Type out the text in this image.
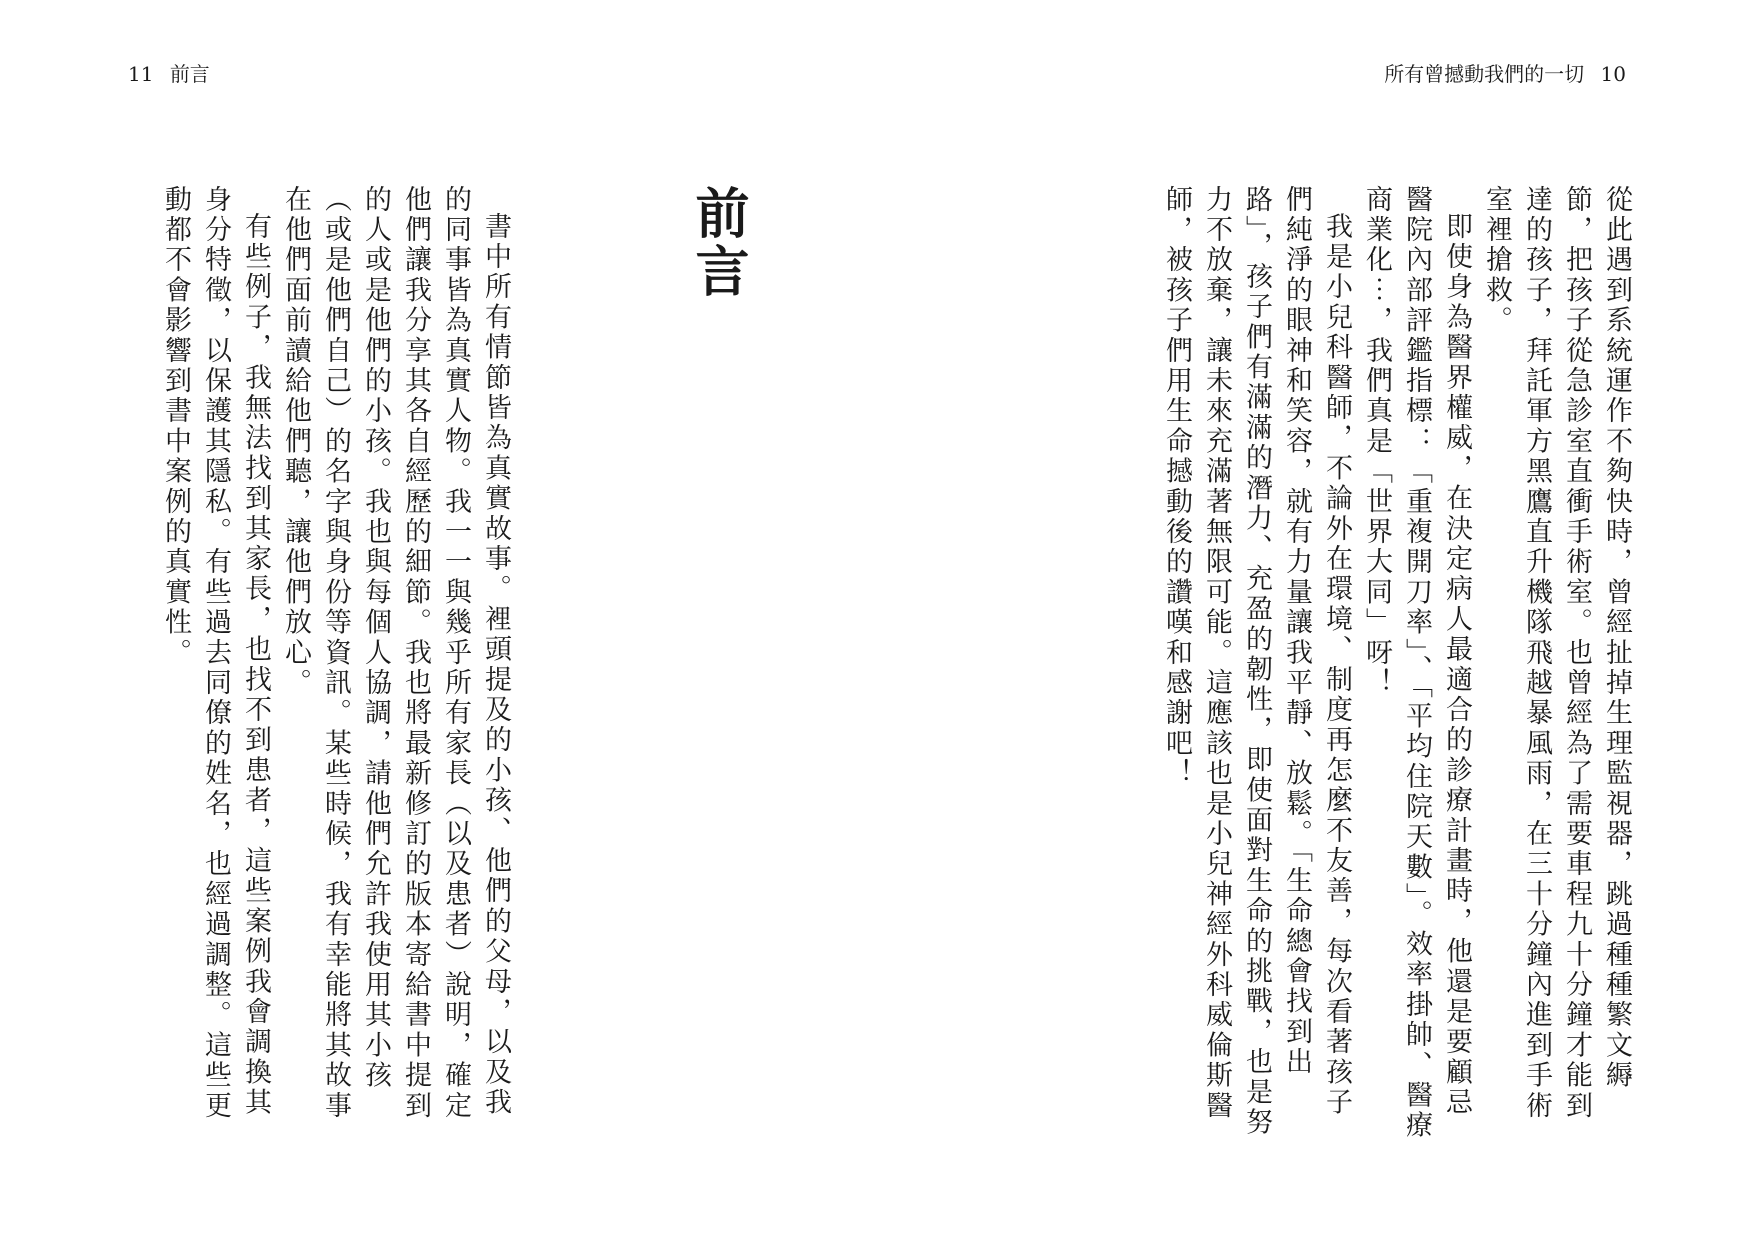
11 前言	所有曾撼動我們的一切 10

從此遇到系統運作不夠快時，曾經扯掉生理監視器，跳過種種繁文縟節，把孩子從急診室直衝手術室。也曾經為了需要車程九十分鐘才能到達的孩子，拜託軍方黑鷹直升機隊飛越暴風雨，在三十分鐘內進到手術室裡搶救。

即使身為醫界權威，在決定病人最適合的診療計畫時，他還是要顧忌醫院內部評鑑指標：「重複開刀率」、「平均住院天數」。效率掛帥、醫療商業化⋯，我們真是「世界大同」呀！

我是小兒科醫師，不論外在環境、制度再怎麼不友善，每次看著孩子們純淨的眼神和笑容，就有力量讓我平靜、放鬆。「生命總會找到出路」，孩子們有滿滿的潛力、充盈的韌性，即使面對生命的挑戰，也是努力不放棄，讓未來充滿著無限可能。這應該也是小兒神經外科威倫斯醫師，被孩子們用生命撼動後的讚嘆和感謝吧！

前言

書中所有情節皆為真實故事。裡頭提及的小孩、他們的父母，以及我的同事皆為真實人物。我一一與幾乎所有家長（以及患者）說明，確定他們讓我分享其各自經歷的細節。我也將最新修訂的版本寄給書中提到的人或是他們的小孩。我也與每個人協調，請他們允許我使用其小孩（或是他們自己）的名字與身份等資訊。某些時候，我有幸能將其故事在他們面前讀給他們聽，讓他們放心。

有些例子，我無法找到其家長，也找不到患者，這些案例我會調換其身分特徵，以保護其隱私。有些過去同僚的姓名，也經過調整。這些更動都不會影響到書中案例的真實性。
